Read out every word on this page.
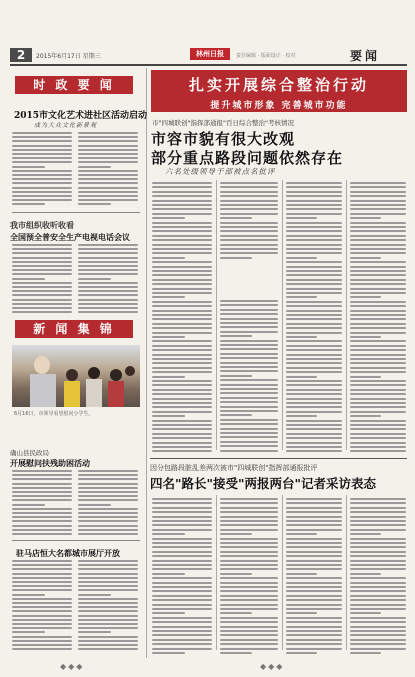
2	2015年6月17日 星期三	林州日报	责任编辑 · 版面设计 · 校对	要闻
时 政 要 闻
2015市文化艺术进社区活动启动
成为大众文化新景观
我市组织收听收看
全国预全普安全生产电视电话会议
新 闻 集 锦
6月16日，市领导看望慰问小学生。
确山县民政局
开展慰问扶残助困活动
驻马店恒大名都城市展厅开放
扎实开展综合整治行动
提升城市形象 完善城市功能
市"四城联创"指挥部通报"百日综合整治"考核情况
市容市貌有很大改观
部分重点路段问题依然存在
六名处级领导干部被点名批评
因分包路段脏乱差两次被市"四城联创"指挥部通报批评
四名"路长"接受"两报两台"记者采访表态
◆◆◆	◆◆◆
